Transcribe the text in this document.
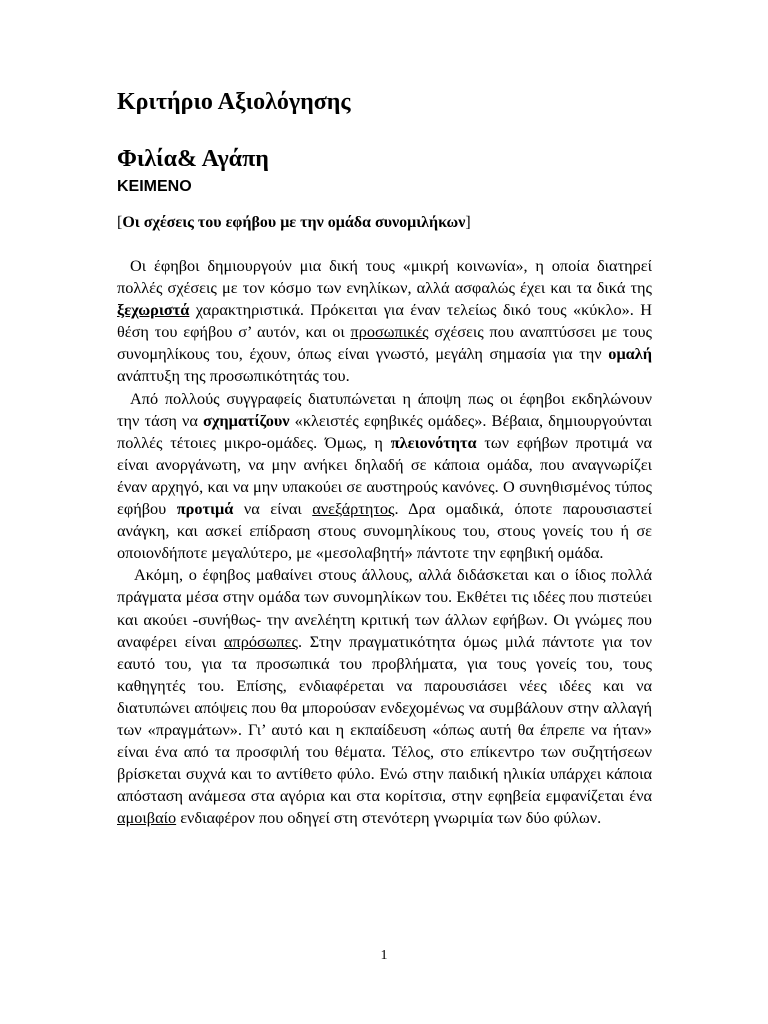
Κριτήριο Αξιολόγησης
Φιλία& Αγάπη
ΚΕΙΜΕΝΟ
[Οι σχέσεις του εφήβου με την ομάδα συνομιλήκων]

Οι έφηβοι δημιουργούν μια δική τους «μικρή κοινωνία», η οποία διατηρεί πολλές σχέσεις με τον κόσμο των ενηλίκων, αλλά ασφαλώς έχει και τα δικά της ξεχωριστά χαρακτηριστικά. Πρόκειται για έναν τελείως δικό τους «κύκλο». Η θέση του εφήβου σ’ αυτόν, και οι προσωπικές σχέσεις που αναπτύσσει με τους συνομηλίκους του, έχουν, όπως είναι γνωστό, μεγάλη σημασία για την ομαλή ανάπτυξη της προσωπικότητάς του.

Από πολλούς συγγραφείς διατυπώνεται η άποψη πως οι έφηβοι εκδηλώνουν την τάση να σχηματίζουν «κλειστές εφηβικές ομάδες». Βέβαια, δημιουργούνται πολλές τέτοιες μικρο-ομάδες. Όμως, η πλειονότητα των εφήβων προτιμά να είναι ανοργάνωτη, να μην ανήκει δηλαδή σε κάποια ομάδα, που αναγνωρίζει έναν αρχηγό, και να μην υπακούει σε αυστηρούς κανόνες. Ο συνηθισμένος τύπος εφήβου προτιμά να είναι ανεξάρτητος. Δρα ομαδικά, όποτε παρουσιαστεί ανάγκη, και ασκεί επίδραση στους συνομηλίκους του, στους γονείς του ή σε οποιονδήποτε μεγαλύτερο, με «μεσολαβητή» πάντοτε την εφηβική ομάδα.

Ακόμη, ο έφηβος μαθαίνει στους άλλους, αλλά διδάσκεται και ο ίδιος πολλά πράγματα μέσα στην ομάδα των συνομηλίκων του. Εκθέτει τις ιδέες που πιστεύει και ακούει -συνήθως- την ανελέητη κριτική των άλλων εφήβων. Οι γνώμες που αναφέρει είναι απρόσωπες. Στην πραγματικότητα όμως μιλά πάντοτε για τον εαυτό του, για τα προσωπικά του προβλήματα, για τους γονείς του, τους καθηγητές του. Επίσης, ενδιαφέρεται να παρουσιάσει νέες ιδέες και να διατυπώνει απόψεις που θα μπορούσαν ενδεχομένως να συμβάλουν στην αλλαγή των «πραγμάτων». Γι’ αυτό και η εκπαίδευση «όπως αυτή θα έπρεπε να ήταν» είναι ένα από τα προσφιλή του θέματα. Τέλος, στο επίκεντρο των συζητήσεων βρίσκεται συχνά και το αντίθετο φύλο. Ενώ στην παιδική ηλικία υπάρχει κάποια απόσταση ανάμεσα στα αγόρια και στα κορίτσια, στην εφηβεία εμφανίζεται ένα αμοιβαίο ενδιαφέρον που οδηγεί στη στενότερη γνωριμία των δύο φύλων.

1
